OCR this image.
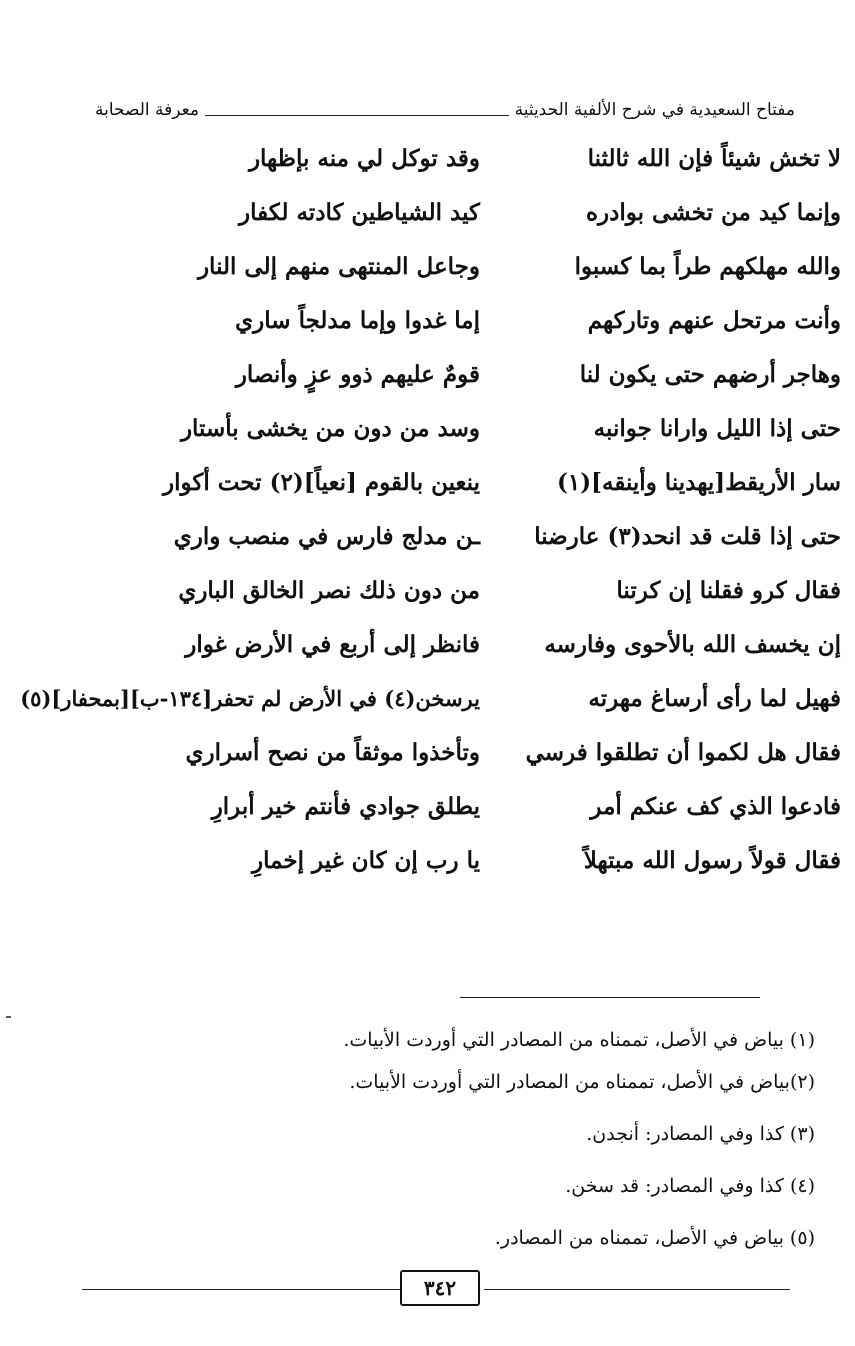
مفتاح السعيدية في شرح الألفية الحديثية
معرفة الصحابة
لا تخش شيئاً فإن الله ثالثنا
وقد توكل لي منه بإظهار
وإنما كيد من تخشى بوادره
كيد الشياطين كادته لكفار
والله مهلكهم طراً بما كسبوا
وجاعل المنتهى منهم إلى النار
وأنت مرتحل عنهم وتاركهم
إما غدوا وإما مدلجاً ساري
وهاجر أرضهم حتى يكون لنا
قومٌ عليهم ذوو عزٍ وأنصار
حتى إذا الليل وارانا جوانبه
وسد من دون من يخشى بأستار
سار الأريقط[يهدينا وأينقه](١)
ينعين بالقوم [نعياً](٢) تحت أكوار
حتى إذا قلت قد انحد(٣) عارضنا
ـن مدلج فارس في منصب واري
فقال كرو فقلنا إن كرتنا
من دون ذلك نصر الخالق الباري
إن يخسف الله بالأحوى وفارسه
فانظر إلى أربع في الأرض غوار
فهيل لما رأى أرساغ مهرته
يرسخن(٤) في الأرض لم تحفر[١٣٤-ب][بمحفار](٥)
فقال هل لكموا أن تطلقوا فرسي
وتأخذوا موثقاً من نصح أسراري
فادعوا الذي كف عنكم أمر
يطلق جوادي فأنتم خير أبرارِ
فقال قولاً رسول الله مبتهلاً
يا رب إن كان غير إخمارِ
(١) بياض في الأصل، تممناه من المصادر التي أوردت الأبيات.
(٢)بياض في الأصل، تممناه من المصادر التي أوردت الأبيات.
(٣) كذا وفي المصادر: أنجدن.
(٤) كذا وفي المصادر: قد سخن.
(٥) بياض في الأصل، تممناه من المصادر.
٣٤٢
